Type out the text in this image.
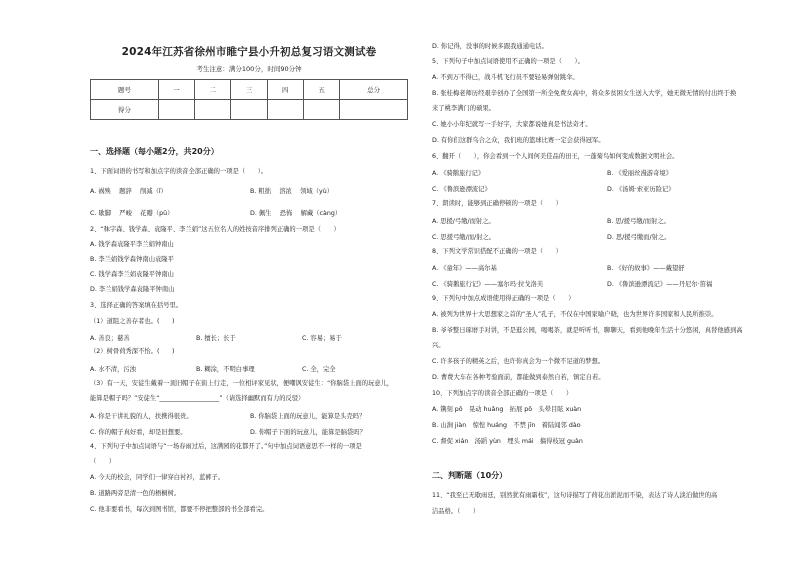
2024年江苏省徐州市睢宁县小升初总复习语文测试卷
考生注意：满分100分，时间90分钟
题号	一	二	三	四	五	总分
得分						
一、选择题（每小题2分，共20分）
1、下面词语的书写和加点字的读音全部正确的一项是（　　）。
A. 祸殃　 题辞　 削减（ǐ）	B. 粗拙　 溶浓　 领域（yù）
C. 歇脚　 严峻　 花瓣（pū）	D. 佩生　 恐怖　 解藏（càng）
2、“秣字森、钱学森、袁隆平、李兰娟”这五位名人的姓按音序排列正确的一项是（　　）
A. 钱学森袁隆平李兰娟钟南山
B. 李兰娟钱学森钟南山袁隆平
C. 钱学森李兰娟袁隆平钟南山
D. 李兰娟钱学森袁隆平钟南山
3、选择正确的答案填在括号里。
（1）道阻之善存者也。(　　)
A. 善良；慈善	B. 擅长；长于	C. 容易；易于
（2）树骨荷秀深不怡。(　　)
A. 水不清，污浊	B. 糊涂，不明白事理	C. 全，完全
（3）有一天，安徒生戴着一顶旧帽子在街上行走，一位相评家见状，便嘲讽安徒生：“你脑袋上面的玩意儿，
能算是帽子吗？”安徒生“___________________”（请选择幽默而有力的反驳）
A. 你是干讲礼貌的人，扶携得很贵。	B. 你脑袋上面的玩意儿，能算是头壳吗？
C. 你的帽子真好看，却是旧想要。	D. 你帽子下面的玩意儿，能算是脑袋吗？
4、下列句子中加点词语与“一场春雨过后，这满园的花都开了。”句中加点词语意思不一样的一项是
（　　）
A. 今天的校会，同学们一律穿白衬衫，蓝裤子。
B. 道路两旁是清一色的梧桐树。
C. 他非要看书，每次到图书馆，都要不停把整部的书全部看完。
D. 你记得，没事的时候多跟我通通电话。
5、下列句子中加点词语使用不正确的一项是（　　）。
A. 不到万不得已，战斗机飞行员不要轻易弹射跳伞。
B. 张桂梅老师历经艰辛创办了全国第一所全免费女高中，将众多贫困女生送入大学，她无微无情的付出终于换
来了桃李满门的硕果。
C. 她小小年纪就写一手好字，大家都说她真是书法奇才。
D. 有你们这群乌合之众，我们班的篮球比赛一定会获得冠军。
6、翻开（　　），你会看到一个人间何美佳品的田王，一蓬菊鸟如何变成数据文明社会。
A. 《骑鹅旅行记》	B. 《爱丽丝漫游奇境》
C. 《鲁滨逊漂流记》	D. 《汤姆·索亚历险记》
7、朗读时，能够到正确停顿的一项是（　　）
A. 思援/弓缴/而射之。	B. 思/援弓缴/而射之。
C. 思援弓缴/而/射之。	D. 思/援弓缴而/射之。
8、下列文学常识搭配不正确的一项是（　　）
A. 《童年》——高尔基	B. 《好的故事》——戴望舒
C. 《骑鹅旅行记》——塞尔玛·拉戈洛芙	D. 《鲁滨逊漂流记》——丹尼尔·笛福
9、下列句中加点成语使用得正确的一项是（　　）
A. 被列为世界十大思想家之首的“圣人”孔子，不仅在中国家喻户晓，也为世界许多国家和人民所推崇。
B. 爷爷整日琢磨手对讲，不是逛公园，喝喝茶，就是听听书，聊聊天，看到他晚年生活十分悠闲，真替他感到高
兴。
C. 许多孩子的精英之后，也许你真会为一个微不足道的梦想。
D. 曹费大车在各种考验面前，都能做到泰然自若，镇定自若。
10、下列加点字的读音全部正确的一项是（　　）
A. 镌刻 pō　晃动 huǎng　拓展 pō　头晕目眩 xuàn
B. 山涧 jiàn　惊惶 huáng　不禁 jīn　着陆闻邻 dào
C. 督促 xián　汤蹈 yùn　埋头 mái　搞得枝冠 guàn
二、判断题（10分）
11、“我至已无歇雨廷，别然犹有雨霜枝”，这句诗描写了荷花出淤泥而不染，表达了诗人淡泊做世的高
洁品格。（　　）
